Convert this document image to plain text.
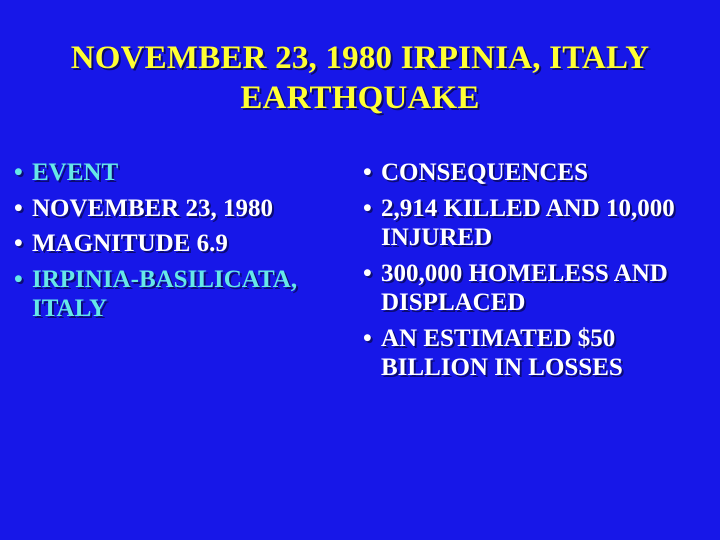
NOVEMBER 23, 1980 IRPINIA, ITALY EARTHQUAKE
• EVENT
• NOVEMBER 23, 1980
• MAGNITUDE 6.9
• IRPINIA-BASILICATA, ITALY
• CONSEQUENCES
• 2,914 KILLED AND 10,000 INJURED
• 300,000 HOMELESS AND DISPLACED
• AN ESTIMATED $50 BILLION IN LOSSES
